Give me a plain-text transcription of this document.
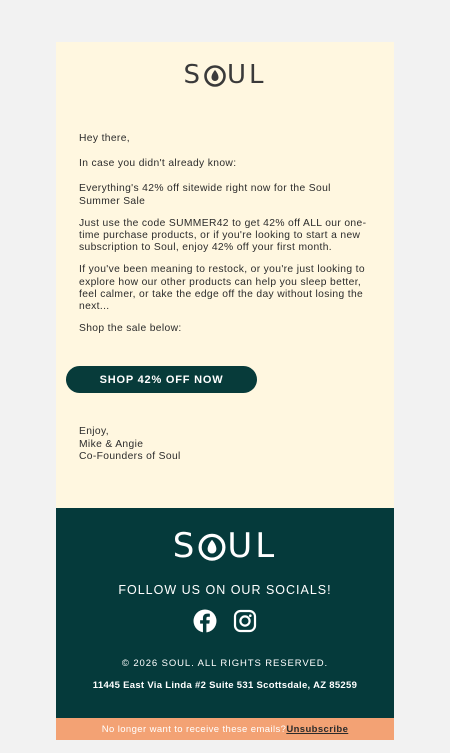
S UL

Hey there,

In case you didn't already know:

Everything's 42% off sitewide right now for the Soul Summer Sale

Just use the code SUMMER42 to get 42% off ALL our one-time purchase products, or if you're looking to start a new subscription to Soul, enjoy 42% off your first month.

If you've been meaning to restock, or you're just looking to explore how our other products can help you sleep better, feel calmer, or take the edge off the day without losing the next...

Shop the sale below:

SHOP 42% OFF NOW
Enjoy,
Mike & Angie
Co-Founders of Soul
S UL
FOLLOW US ON OUR SOCIALS!
© 2026 SOUL. ALL RIGHTS RESERVED.
11445 East Via Linda #2 Suite 531 Scottsdale, AZ 85259
No longer want to receive these emails? Unsubscribe
